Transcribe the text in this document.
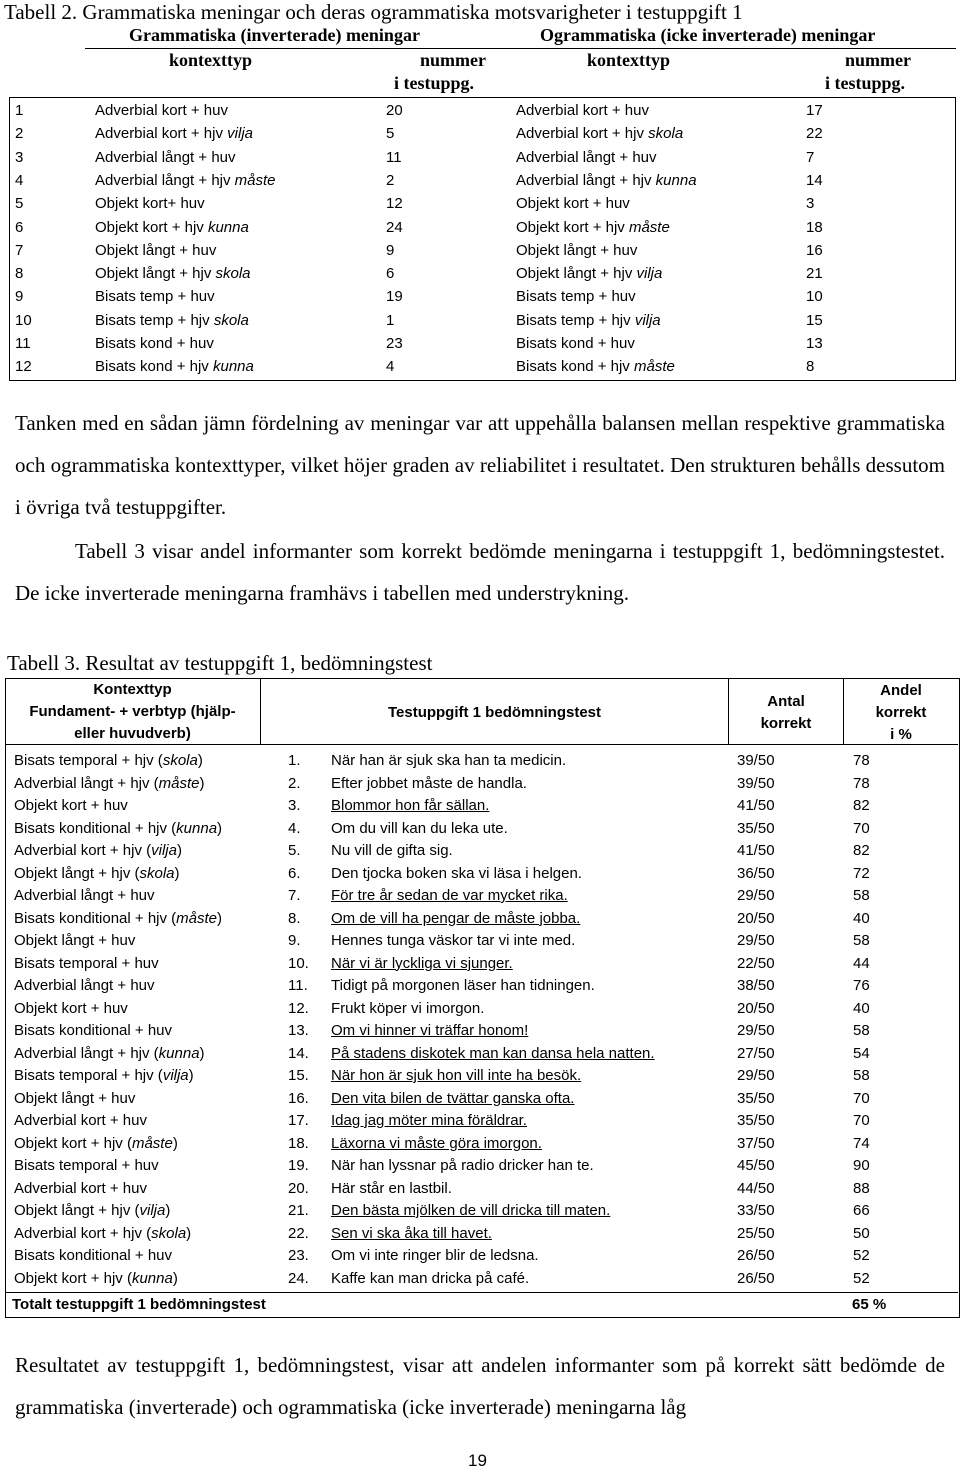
Tabell 2. Grammatiska meningar och deras ogrammatiska motsvarigheter i testuppgift 1
Grammatiska (inverterade) meningar	Ogrammatiska (icke inverterade) meningar
kontexttyp	nummer
i testuppg.
kontexttyp	nummer
i testuppg.
1	Adverbial kort + huv	20	Adverbial kort + huv	17
2	Adverbial kort + hjv vilja	5	Adverbial kort + hjv skola	22
3	Adverbial långt + huv	11	Adverbial långt + huv	7
4	Adverbial långt + hjv måste	2	Adverbial långt + hjv kunna	14
5	Objekt kort+ huv	12	Objekt kort + huv	3
6	Objekt kort + hjv kunna	24	Objekt kort + hjv måste	18
7	Objekt långt + huv	9	Objekt långt + huv	16
8	Objekt långt + hjv skola	6	Objekt långt + hjv vilja	21
9	Bisats temp + huv	19	Bisats temp + huv	10
10	Bisats temp + hjv skola	1	Bisats temp + hjv vilja	15
11	Bisats kond + huv	23	Bisats kond + huv	13
12	Bisats kond + hjv kunna	4	Bisats kond + hjv måste	8
Tanken med en sådan jämn fördelning av meningar var att uppehålla balansen mellan respektive grammatiska och ogrammatiska kontexttyper, vilket höjer graden av reliabilitet i resultatet. Den strukturen behålls dessutom i övriga två testuppgifter.
Tabell 3 visar andel informanter som korrekt bedömde meningarna i testuppgift 1, bedömningstestet. De icke inverterade meningarna framhävs i tabellen med understrykning.
Tabell 3. Resultat av testuppgift 1, bedömningstest
Kontexttyp
Fundament- + verbtyp (hjälp-
eller huvudverb)
Testuppgift 1 bedömningstest
Antal
korrekt
Andel
korrekt
i %
Bisats temporal + hjv (skola)	1. När han är sjuk ska han ta medicin.	39/50	78
Adverbial långt + hjv (måste)	2. Efter jobbet måste de handla.	39/50	78
Objekt kort + huv	3. Blommor hon får sällan.	41/50	82
Bisats konditional + hjv (kunna)	4. Om du vill kan du leka ute.	35/50	70
Adverbial kort + hjv (vilja)	5. Nu vill de gifta sig.	41/50	82
Objekt långt + hjv (skola)	6. Den tjocka boken ska vi läsa i helgen.	36/50	72
Adverbial långt + huv	7. För tre år sedan de var mycket rika.	29/50	58
Bisats konditional + hjv (måste)	8. Om de vill ha pengar de måste jobba.	20/50	40
Objekt långt + huv	9. Hennes tunga väskor tar vi inte med.	29/50	58
Bisats temporal + huv	10. När vi är lyckliga vi sjunger.	22/50	44
Adverbial långt + huv	11. Tidigt på morgonen läser han tidningen.	38/50	76
Objekt kort + huv	12. Frukt köper vi imorgon.	20/50	40
Bisats konditional + huv	13. Om vi hinner vi träffar honom!	29/50	58
Adverbial långt + hjv (kunna)	14. På stadens diskotek man kan dansa hela natten.	27/50	54
Bisats temporal + hjv (vilja)	15. När hon är sjuk hon vill inte ha besök.	29/50	58
Objekt långt + huv	16. Den vita bilen de tvättar ganska ofta.	35/50	70
Adverbial kort + huv	17. Idag jag möter mina föräldrar.	35/50	70
Objekt kort + hjv (måste)	18. Läxorna vi måste göra imorgon.	37/50	74
Bisats temporal + huv	19. När han lyssnar på radio dricker han te.	45/50	90
Adverbial kort + huv	20. Här står en lastbil.	44/50	88
Objekt långt + hjv (vilja)	21. Den bästa mjölken de vill dricka till maten.	33/50	66
Adverbial kort + hjv (skola)	22. Sen vi ska åka till havet.	25/50	50
Bisats konditional + huv	23. Om vi inte ringer blir de ledsna.	26/50	52
Objekt kort + hjv (kunna)	24. Kaffe kan man dricka på café.	26/50	52
Totalt testuppgift 1 bedömningstest	65 %
Resultatet av testuppgift 1, bedömningstest, visar att andelen informanter som på korrekt sätt bedömde de grammatiska (inverterade) och ogrammatiska (icke inverterade) meningarna låg
19
